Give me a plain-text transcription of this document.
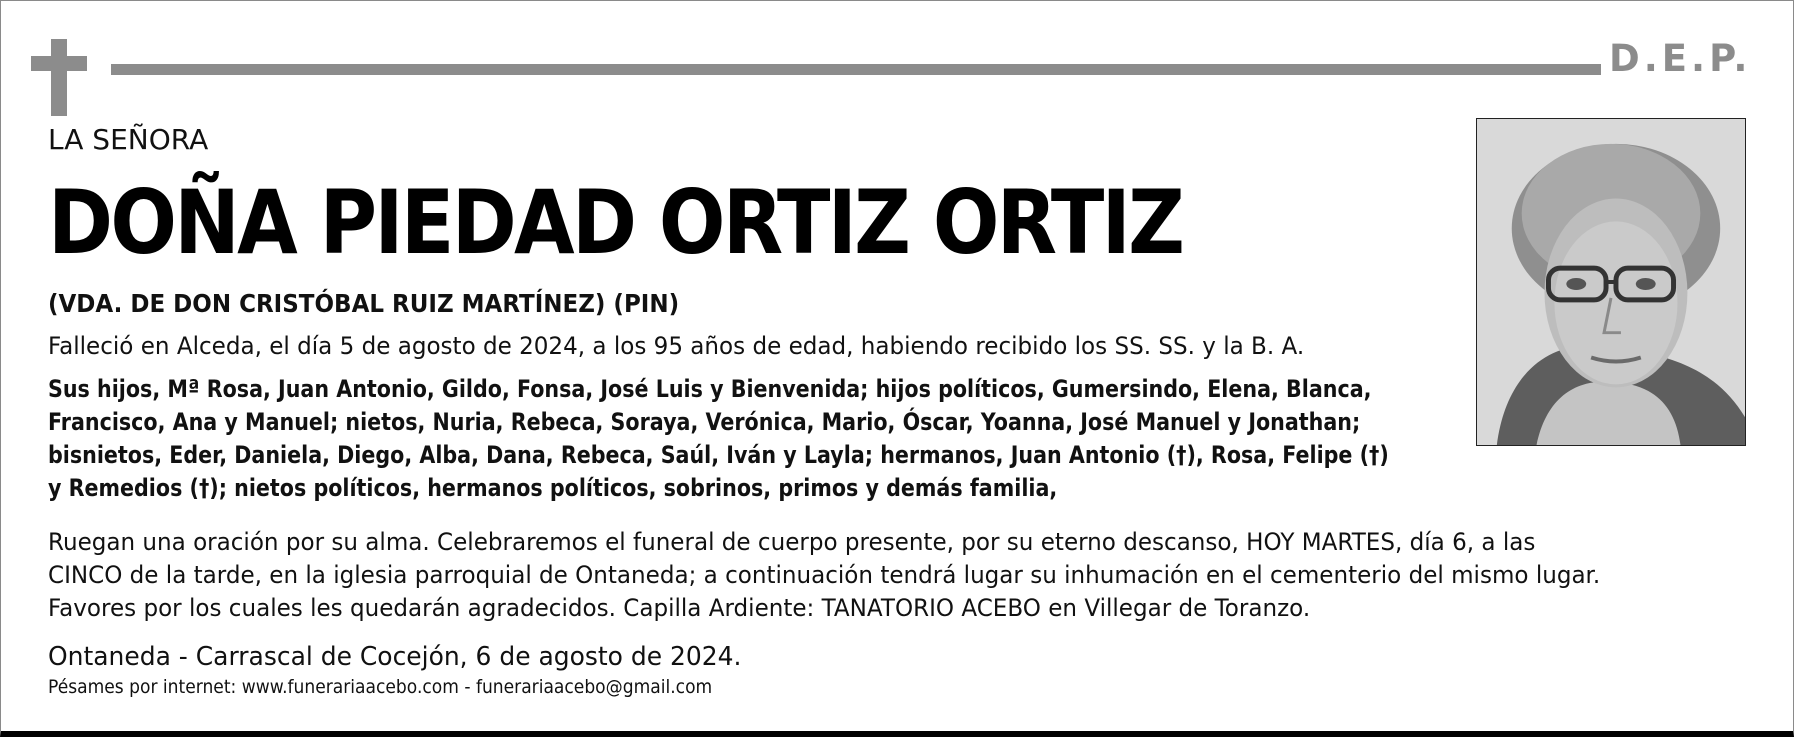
D.E.P.
LA SEÑORA
DOÑA PIEDAD ORTIZ ORTIZ
(VDA. DE DON CRISTÓBAL RUIZ MARTÍNEZ) (PIN)
Falleció en Alceda, el día 5 de agosto de 2024, a los 95 años de edad, habiendo recibido los SS. SS. y la B. A.
Sus hijos, Mª Rosa, Juan Antonio, Gildo, Fonsa, José Luis y Bienvenida; hijos políticos, Gumersindo, Elena, Blanca,
Francisco, Ana y Manuel; nietos, Nuria, Rebeca, Soraya, Verónica, Mario, Óscar, Yoanna, José Manuel y Jonathan;
bisnietos, Eder, Daniela, Diego, Alba, Dana, Rebeca, Saúl, Iván y Layla; hermanos, Juan Antonio (†), Rosa, Felipe (†)
y Remedios (†); nietos políticos, hermanos políticos, sobrinos, primos y demás familia,
Ruegan una oración por su alma. Celebraremos el funeral de cuerpo presente, por su eterno descanso, HOY MARTES, día 6, a las
CINCO de la tarde, en la iglesia parroquial de Ontaneda; a continuación tendrá lugar su inhumación en el cementerio del mismo lugar.
Favores por los cuales les quedarán agradecidos. Capilla Ardiente: TANATORIO ACEBO en Villegar de Toranzo.
Ontaneda - Carrascal de Cocejón, 6 de agosto de 2024.
Pésames por internet: www.funerariaacebo.com - funerariaacebo@gmail.com
